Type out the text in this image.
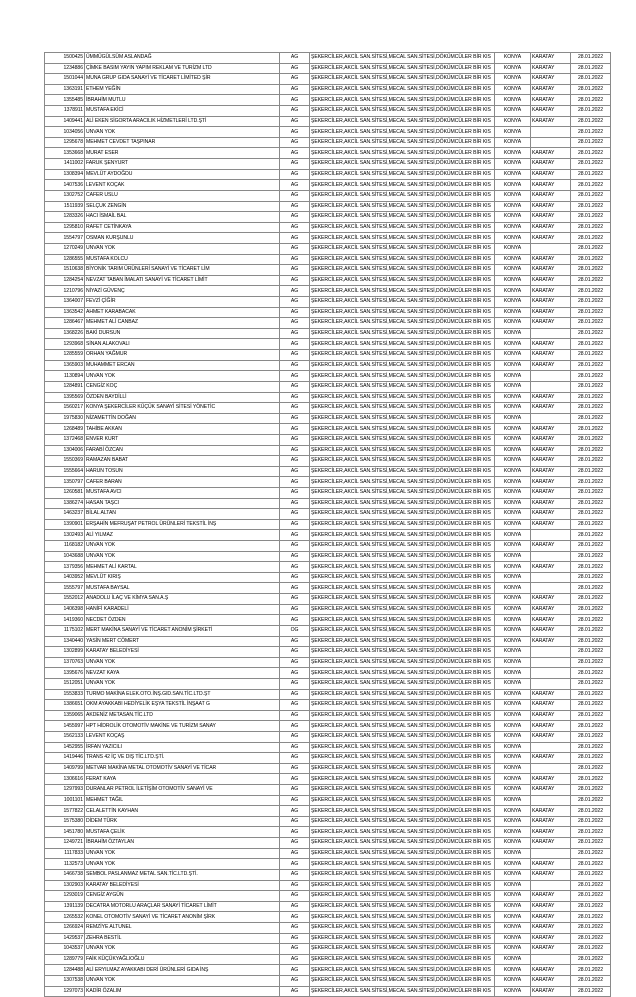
1500425	ÜMMÜGÜLSÜM ASLANDAĞ	AG	ŞEKERCİLER,AKCİL SAN.SİTESİ,MECAL SAN.SİTESİ,DÖKÜMCÜLER BİR KIS	KONYA	KARATAY	28.01.2022
1234886	ÇİMKE BASIM YAYIN YAPIM REKLAM VE TURİZM LTD	AG	ŞEKERCİLER,AKCİL SAN.SİTESİ,MECAL SAN.SİTESİ,DÖKÜMCÜLER BİR KIS	KONYA	KARATAY	28.01.2022
1501044	MUNA GRUP GIDA SANAYİ VE TİCARET LİMİTED ŞİR	AG	ŞEKERCİLER,AKCİL SAN.SİTESİ,MECAL SAN.SİTESİ,DÖKÜMCÜLER BİR KIS	KONYA	KARATAY	28.01.2022
1363191	ETHEM YEĞİN	AG	ŞEKERCİLER,AKCİL SAN.SİTESİ,MECAL SAN.SİTESİ,DÖKÜMCÜLER BİR KIS	KONYA	KARATAY	28.01.2022
1355485	İBRAHİM MUTLU	AG	ŞEKERCİLER,AKCİL SAN.SİTESİ,MECAL SAN.SİTESİ,DÖKÜMCÜLER BİR KIS	KONYA	KARATAY	28.01.2022
1378911	MUSTAFA EKİCİ	AG	ŞEKERCİLER,AKCİL SAN.SİTESİ,MECAL SAN.SİTESİ,DÖKÜMCÜLER BİR KIS	KONYA	KARATAY	28.01.2022
1409441	ALİ EKEN SİGORTA ARACILIK HİZMETLERİ LTD.ŞTİ	AG	ŞEKERCİLER,AKCİL SAN.SİTESİ,MECAL SAN.SİTESİ,DÖKÜMCÜLER BİR KIS	KONYA	KARATAY	28.01.2022
1034056	UNVAN YOK	AG	ŞEKERCİLER,AKCİL SAN.SİTESİ,MECAL SAN.SİTESİ,DÖKÜMCÜLER BİR KIS	KONYA		28.01.2022
1295678	MEHMET CEVDET TAŞPINAR	AG	ŞEKERCİLER,AKCİL SAN.SİTESİ,MECAL SAN.SİTESİ,DÖKÜMCÜLER BİR KIS	KONYA		28.01.2022
1353668	MURAT ESER	AG	ŞEKERCİLER,AKCİL SAN.SİTESİ,MECAL SAN.SİTESİ,DÖKÜMCÜLER BİR KIS	KONYA	KARATAY	28.01.2022
1411002	FARUK ŞENYURT	AG	ŞEKERCİLER,AKCİL SAN.SİTESİ,MECAL SAN.SİTESİ,DÖKÜMCÜLER BİR KIS	KONYA	KARATAY	28.01.2022
1308394	MEVLÜT AYDOĞDU	AG	ŞEKERCİLER,AKCİL SAN.SİTESİ,MECAL SAN.SİTESİ,DÖKÜMCÜLER BİR KIS	KONYA	KARATAY	28.01.2022
1407536	LEVENT KOÇAK	AG	ŞEKERCİLER,AKCİL SAN.SİTESİ,MECAL SAN.SİTESİ,DÖKÜMCÜLER BİR KIS	KONYA	KARATAY	28.01.2022
1302752	CAFER USLU	AG	ŞEKERCİLER,AKCİL SAN.SİTESİ,MECAL SAN.SİTESİ,DÖKÜMCÜLER BİR KIS	KONYA	KARATAY	28.01.2022
1511939	SELÇUK ZENGİN	AG	ŞEKERCİLER,AKCİL SAN.SİTESİ,MECAL SAN.SİTESİ,DÖKÜMCÜLER BİR KIS	KONYA	KARATAY	28.01.2022
1283326	HACI İSMAİL BAL	AG	ŞEKERCİLER,AKCİL SAN.SİTESİ,MECAL SAN.SİTESİ,DÖKÜMCÜLER BİR KIS	KONYA	KARATAY	28.01.2022
1295810	RAFET CETİNKAYA	AG	ŞEKERCİLER,AKCİL SAN.SİTESİ,MECAL SAN.SİTESİ,DÖKÜMCÜLER BİR KIS	KONYA	KARATAY	28.01.2022
1554797	OSMAN KURŞUNLU	AG	ŞEKERCİLER,AKCİL SAN.SİTESİ,MECAL SAN.SİTESİ,DÖKÜMCÜLER BİR KIS	KONYA	KARATAY	28.01.2022
1270249	UNVAN YOK	AG	ŞEKERCİLER,AKCİL SAN.SİTESİ,MECAL SAN.SİTESİ,DÖKÜMCÜLER BİR KIS	KONYA		28.01.2022
1286555	MUSTAFA KOLCU	AG	ŞEKERCİLER,AKCİL SAN.SİTESİ,MECAL SAN.SİTESİ,DÖKÜMCÜLER BİR KIS	KONYA	KARATAY	28.01.2022
1510638	BİYONİK TARIM ÜRÜNLERİ SANAYİ VE TİCARET LİM	AG	ŞEKERCİLER,AKCİL SAN.SİTESİ,MECAL SAN.SİTESİ,DÖKÜMCÜLER BİR KIS	KONYA	KARATAY	28.01.2022
1284254	NEVZAT TABAN İMALATI SANAYİ VE TİCARET LİMİT	AG	ŞEKERCİLER,AKCİL SAN.SİTESİ,MECAL SAN.SİTESİ,DÖKÜMCÜLER BİR KIS	KONYA	KARATAY	28.01.2022
1210796	NİYAZİ GÜVENÇ	AG	ŞEKERCİLER,AKCİL SAN.SİTESİ,MECAL SAN.SİTESİ,DÖKÜMCÜLER BİR KIS	KONYA	KARATAY	28.01.2022
1364007	FEVZİ ÇİĞİR	AG	ŞEKERCİLER,AKCİL SAN.SİTESİ,MECAL SAN.SİTESİ,DÖKÜMCÜLER BİR KIS	KONYA	KARATAY	28.01.2022
1363542	AHMET KARABACAK	AG	ŞEKERCİLER,AKCİL SAN.SİTESİ,MECAL SAN.SİTESİ,DÖKÜMCÜLER BİR KIS	KONYA	KARATAY	28.01.2022
1286467	MEHMET ALİ CANBAZ	AG	ŞEKERCİLER,AKCİL SAN.SİTESİ,MECAL SAN.SİTESİ,DÖKÜMCÜLER BİR KIS	KONYA	KARATAY	28.01.2022
1368226	BAKİ DURSUN	AG	ŞEKERCİLER,AKCİL SAN.SİTESİ,MECAL SAN.SİTESİ,DÖKÜMCÜLER BİR KIS	KONYA		28.01.2022
1293968	SİNAN ALAKOVALI	AG	ŞEKERCİLER,AKCİL SAN.SİTESİ,MECAL SAN.SİTESİ,DÖKÜMCÜLER BİR KIS	KONYA	KARATAY	28.01.2022
1285559	ORHAN YAĞMUR	AG	ŞEKERCİLER,AKCİL SAN.SİTESİ,MECAL SAN.SİTESİ,DÖKÜMCÜLER BİR KIS	KONYA	KARATAY	28.01.2022
1365903	MUHAMMET ERCAN	AG	ŞEKERCİLER,AKCİL SAN.SİTESİ,MECAL SAN.SİTESİ,DÖKÜMCÜLER BİR KIS	KONYA	KARATAY	28.01.2022
1130894	UNVAN YOK	AG	ŞEKERCİLER,AKCİL SAN.SİTESİ,MECAL SAN.SİTESİ,DÖKÜMCÜLER BİR KIS	KONYA		28.01.2022
1284891	CENGİZ KOÇ	AG	ŞEKERCİLER,AKCİL SAN.SİTESİ,MECAL SAN.SİTESİ,DÖKÜMCÜLER BİR KIS	KONYA		28.01.2022
1395569	ÖZDEN BAYDİLLİ	AG	ŞEKERCİLER,AKCİL SAN.SİTESİ,MECAL SAN.SİTESİ,DÖKÜMCÜLER BİR KIS	KONYA	KARATAY	28.01.2022
1560217	KONYA ŞEKERCİLER KÜÇÜK SANAYİ SİTESİ YÖNETİC	AG	ŞEKERCİLER,AKCİL SAN.SİTESİ,MECAL SAN.SİTESİ,DÖKÜMCÜLER BİR KIS	KONYA	KARATAY	28.01.2022
1975830	NİZAMETTİN DOĞAN	AG	ŞEKERCİLER,AKCİL SAN.SİTESİ,MECAL SAN.SİTESİ,DÖKÜMCÜLER BİR KIS	KONYA		28.01.2022
1268489	TAHİBE AKKAN	AG	ŞEKERCİLER,AKCİL SAN.SİTESİ,MECAL SAN.SİTESİ,DÖKÜMCÜLER BİR KIS	KONYA	KARATAY	28.01.2022
1372468	ENVER KURT	AG	ŞEKERCİLER,AKCİL SAN.SİTESİ,MECAL SAN.SİTESİ,DÖKÜMCÜLER BİR KIS	KONYA	KARATAY	28.01.2022
1304006	FARABİ ÖZCAN	AG	ŞEKERCİLER,AKCİL SAN.SİTESİ,MECAL SAN.SİTESİ,DÖKÜMCÜLER BİR KIS	KONYA	KARATAY	28.01.2022
1550369	RAMAZAN BABAT	AG	ŞEKERCİLER,AKCİL SAN.SİTESİ,MECAL SAN.SİTESİ,DÖKÜMCÜLER BİR KIS	KONYA	KARATAY	28.01.2022
1555664	HARUN TOSUN	AG	ŞEKERCİLER,AKCİL SAN.SİTESİ,MECAL SAN.SİTESİ,DÖKÜMCÜLER BİR KIS	KONYA	KARATAY	28.01.2022
1350797	CAFER BARAN	AG	ŞEKERCİLER,AKCİL SAN.SİTESİ,MECAL SAN.SİTESİ,DÖKÜMCÜLER BİR KIS	KONYA	KARATAY	28.01.2022
1260581	MUSTAFA AVCI	AG	ŞEKERCİLER,AKCİL SAN.SİTESİ,MECAL SAN.SİTESİ,DÖKÜMCÜLER BİR KIS	KONYA	KARATAY	28.01.2022
1386274	HASAN TAŞCI	AG	ŞEKERCİLER,AKCİL SAN.SİTESİ,MECAL SAN.SİTESİ,DÖKÜMCÜLER BİR KIS	KONYA	KARATAY	28.01.2022
1463237	BİLAL ALTAN	AG	ŞEKERCİLER,AKCİL SAN.SİTESİ,MECAL SAN.SİTESİ,DÖKÜMCÜLER BİR KIS	KONYA	KARATAY	28.01.2022
1390901	ERŞAHİN MEFRUŞAT PETROL ÜRÜNLERİ TEKSTİL İNŞ	AG	ŞEKERCİLER,AKCİL SAN.SİTESİ,MECAL SAN.SİTESİ,DÖKÜMCÜLER BİR KIS	KONYA	KARATAY	28.01.2022
1302493	ALİ YILMAZ	AG	ŞEKERCİLER,AKCİL SAN.SİTESİ,MECAL SAN.SİTESİ,DÖKÜMCÜLER BİR KIS	KONYA		28.01.2022
1168182	UNVAN YOK	AG	ŞEKERCİLER,AKCİL SAN.SİTESİ,MECAL SAN.SİTESİ,DÖKÜMCÜLER BİR KIS	KONYA	KARATAY	28.01.2022
1043688	UNVAN YOK	AG	ŞEKERCİLER,AKCİL SAN.SİTESİ,MECAL SAN.SİTESİ,DÖKÜMCÜLER BİR KIS	KONYA		28.01.2022
1379356	MEHMET ALİ KARTAL	AG	ŞEKERCİLER,AKCİL SAN.SİTESİ,MECAL SAN.SİTESİ,DÖKÜMCÜLER BİR KIS	KONYA	KARATAY	28.01.2022
1403952	MEVLÜT KIRIŞ	AG	ŞEKERCİLER,AKCİL SAN.SİTESİ,MECAL SAN.SİTESİ,DÖKÜMCÜLER BİR KIS	KONYA		28.01.2022
1555797	MUSTAFA BAYSAL	AG	ŞEKERCİLER,AKCİL SAN.SİTESİ,MECAL SAN.SİTESİ,DÖKÜMCÜLER BİR KIS	KONYA		28.01.2022
1552012	ANADOLU İLAÇ VE KİMYA SAN.A.Ş	AG	ŞEKERCİLER,AKCİL SAN.SİTESİ,MECAL SAN.SİTESİ,DÖKÜMCÜLER BİR KIS	KONYA	KARATAY	28.01.2022
1406398	HANİFİ KARADELİ	AG	ŞEKERCİLER,AKCİL SAN.SİTESİ,MECAL SAN.SİTESİ,DÖKÜMCÜLER BİR KIS	KONYA	KARATAY	28.01.2022
1419360	NECDET ÖZDEN	AG	ŞEKERCİLER,AKCİL SAN.SİTESİ,MECAL SAN.SİTESİ,DÖKÜMCÜLER BİR KIS	KONYA	KARATAY	28.01.2022
1175102	MERT MAKİNA SANAYİ VE TİCARET ANONİM ŞİRKETİ	OG	ŞEKERCİLER,AKCİL SAN.SİTESİ,MECAL SAN.SİTESİ,DÖKÜMCÜLER BİR KIS	KONYA	KARATAY	28.01.2022
1340440	YASİN MERT CÖMERT	AG	ŞEKERCİLER,AKCİL SAN.SİTESİ,MECAL SAN.SİTESİ,DÖKÜMCÜLER BİR KIS	KONYA	KARATAY	28.01.2022
1302899	KARATAY BELEDİYESİ	AG	ŞEKERCİLER,AKCİL SAN.SİTESİ,MECAL SAN.SİTESİ,DÖKÜMCÜLER BİR KIS	KONYA		28.01.2022
1370763	UNVAN YOK	AG	ŞEKERCİLER,AKCİL SAN.SİTESİ,MECAL SAN.SİTESİ,DÖKÜMCÜLER BİR KIS	KONYA		28.01.2022
1395676	NEVZAT KAYA	AG	ŞEKERCİLER,AKCİL SAN.SİTESİ,MECAL SAN.SİTESİ,DÖKÜMCÜLER BİR KIS	KONYA		28.01.2022
1512051	UNVAN YOK	AG	ŞEKERCİLER,AKCİL SAN.SİTESİ,MECAL SAN.SİTESİ,DÖKÜMCÜLER BİR KIS	KONYA		28.01.2022
1553833	TURMO MAKİNA ELEK.OTO.İNŞ.GID.SAN.TİC.LTD.ŞT	AG	ŞEKERCİLER,AKCİL SAN.SİTESİ,MECAL SAN.SİTESİ,DÖKÜMCÜLER BİR KIS	KONYA	KARATAY	28.01.2022
1386651	OKM AYAKKABI HEDİYELİK EŞYA TEKSTİL İNŞAAT G	AG	ŞEKERCİLER,AKCİL SAN.SİTESİ,MECAL SAN.SİTESİ,DÖKÜMCÜLER BİR KIS	KONYA	KARATAY	28.01.2022
1359065	AKDENİZ METASAN.TİC.LTD	AG	ŞEKERCİLER,AKCİL SAN.SİTESİ,MECAL SAN.SİTESİ,DÖKÜMCÜLER BİR KIS	KONYA	KARATAY	28.01.2022
1455997	HPT HİDROLİK OTOMOTİV MAKİNE VE TURİZM SANAY	AG	ŞEKERCİLER,AKCİL SAN.SİTESİ,MECAL SAN.SİTESİ,DÖKÜMCÜLER BİR KIS	KONYA	KARATAY	28.01.2022
1562133	LEVENT KOÇAŞ	AG	ŞEKERCİLER,AKCİL SAN.SİTESİ,MECAL SAN.SİTESİ,DÖKÜMCÜLER BİR KIS	KONYA	KARATAY	28.01.2022
1452955	İRFAN YAZICILI	AG	ŞEKERCİLER,AKCİL SAN.SİTESİ,MECAL SAN.SİTESİ,DÖKÜMCÜLER BİR KIS	KONYA		28.01.2022
1419446	TRANS 42 İÇ VE DIŞ TİC.LTD.ŞTİ.	AG	ŞEKERCİLER,AKCİL SAN.SİTESİ,MECAL SAN.SİTESİ,DÖKÜMCÜLER BİR KIS	KONYA	KARATAY	28.01.2022
1409799	METVAR MAKİNA METAL OTOMOTİV SANAYİ VE TİCAR	AG	ŞEKERCİLER,AKCİL SAN.SİTESİ,MECAL SAN.SİTESİ,DÖKÜMCÜLER BİR KIS	KONYA		28.01.2022
1306616	FERAT KAYA	AG	ŞEKERCİLER,AKCİL SAN.SİTESİ,MECAL SAN.SİTESİ,DÖKÜMCÜLER BİR KIS	KONYA	KARATAY	28.01.2022
1297993	DURANLAR PETROL İLETİŞİM OTOMOTİV SANAYİ VE	AG	ŞEKERCİLER,AKCİL SAN.SİTESİ,MECAL SAN.SİTESİ,DÖKÜMCÜLER BİR KIS	KONYA	KARATAY	28.01.2022
1001101	MEHMET TAĞIL	AG	ŞEKERCİLER,AKCİL SAN.SİTESİ,MECAL SAN.SİTESİ,DÖKÜMCÜLER BİR KIS	KONYA		28.01.2022
1577822	CELALETTİN KAYHAN	AG	ŞEKERCİLER,AKCİL SAN.SİTESİ,MECAL SAN.SİTESİ,DÖKÜMCÜLER BİR KIS	KONYA	KARATAY	28.01.2022
1575380	DİDEM TÜRK	AG	ŞEKERCİLER,AKCİL SAN.SİTESİ,MECAL SAN.SİTESİ,DÖKÜMCÜLER BİR KIS	KONYA	KARATAY	28.01.2022
1451780	MUSTAFA ÇELİK	AG	ŞEKERCİLER,AKCİL SAN.SİTESİ,MECAL SAN.SİTESİ,DÖKÜMCÜLER BİR KIS	KONYA	KARATAY	28.01.2022
1249721	İBRAHİM ÖZTAYLAN	AG	ŞEKERCİLER,AKCİL SAN.SİTESİ,MECAL SAN.SİTESİ,DÖKÜMCÜLER BİR KIS	KONYA	KARATAY	28.01.2022
1117833	UNVAN YOK	AG	ŞEKERCİLER,AKCİL SAN.SİTESİ,MECAL SAN.SİTESİ,DÖKÜMCÜLER BİR KIS	KONYA		28.01.2022
1132573	UNVAN YOK	AG	ŞEKERCİLER,AKCİL SAN.SİTESİ,MECAL SAN.SİTESİ,DÖKÜMCÜLER BİR KIS	KONYA	KARATAY	28.01.2022
1466738	SEMBOL PASLANMAZ METAL SAN.TİC.LTD.ŞTİ.	AG	ŞEKERCİLER,AKCİL SAN.SİTESİ,MECAL SAN.SİTESİ,DÖKÜMCÜLER BİR KIS	KONYA	KARATAY	28.01.2022
1302903	KARATAY BELEDİYESİ	AG	ŞEKERCİLER,AKCİL SAN.SİTESİ,MECAL SAN.SİTESİ,DÖKÜMCÜLER BİR KIS	KONYA		28.01.2022
1293019	CENGİZ AYGÜN	AG	ŞEKERCİLER,AKCİL SAN.SİTESİ,MECAL SAN.SİTESİ,DÖKÜMCÜLER BİR KIS	KONYA	KARATAY	28.01.2022
1391139	DECATRA MOTORLU ARAÇLAR SANAYİ TİCARET LİMİT	AG	ŞEKERCİLER,AKCİL SAN.SİTESİ,MECAL SAN.SİTESİ,DÖKÜMCÜLER BİR KIS	KONYA	KARATAY	28.01.2022
1265532	KONEL OTOMOTİV SANAYİ VE TİCARET ANONİM ŞİRK	AG	ŞEKERCİLER,AKCİL SAN.SİTESİ,MECAL SAN.SİTESİ,DÖKÜMCÜLER BİR KIS	KONYA	KARATAY	28.01.2022
1266924	REMZİYE ALTUNEL	AG	ŞEKERCİLER,AKCİL SAN.SİTESİ,MECAL SAN.SİTESİ,DÖKÜMCÜLER BİR KIS	KONYA	KARATAY	28.01.2022
1429537	ZEHRA BESTİL	AG	ŞEKERCİLER,AKCİL SAN.SİTESİ,MECAL SAN.SİTESİ,DÖKÜMCÜLER BİR KIS	KONYA	KARATAY	28.01.2022
1043537	UNVAN YOK	AG	ŞEKERCİLER,AKCİL SAN.SİTESİ,MECAL SAN.SİTESİ,DÖKÜMCÜLER BİR KIS	KONYA	KARATAY	28.01.2022
1289779	FAİK KÜÇÜKYAĞLIOĞLU	AG	ŞEKERCİLER,AKCİL SAN.SİTESİ,MECAL SAN.SİTESİ,DÖKÜMCÜLER BİR KIS	KONYA		28.01.2022
1284488	ALİ ERYILMAZ AYAKKABI DERİ ÜRÜNLERİ GIDA İNŞ	AG	ŞEKERCİLER,AKCİL SAN.SİTESİ,MECAL SAN.SİTESİ,DÖKÜMCÜLER BİR KIS	KONYA	KARATAY	28.01.2022
1307538	UNVAN YOK	AG	ŞEKERCİLER,AKCİL SAN.SİTESİ,MECAL SAN.SİTESİ,DÖKÜMCÜLER BİR KIS	KONYA	KARATAY	28.01.2022
1297073	KADİR ÖZALIM	AG	ŞEKERCİLER,AKCİL SAN.SİTESİ,MECAL SAN.SİTESİ,DÖKÜMCÜLER BİR KIS	KONYA	KARATAY	28.01.2022
